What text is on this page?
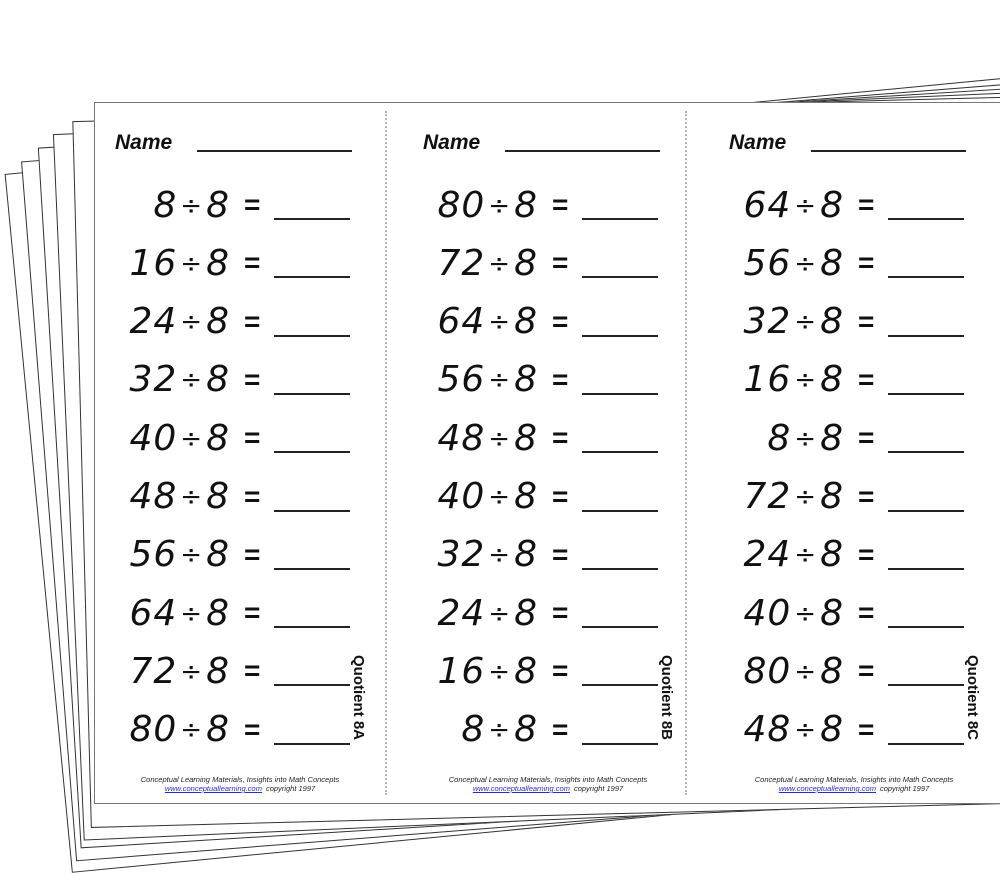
Name
8 ÷8 =
16 ÷8 =
24 ÷8 =
32 ÷8 =
40 ÷8 =
48 ÷8 =
56 ÷8 =
64 ÷8 =
72 ÷8 =
80 ÷8 =
Conceptual Learning Materials, Insights into Math Concepts
www.conceptuallearning.com copyright 1997
Quotient 8A
Name
80 ÷8 =
72 ÷8 =
64 ÷8 =
56 ÷8 =
48 ÷8 =
40 ÷8 =
32 ÷8 =
24 ÷8 =
16 ÷8 =
8 ÷8 =
Conceptual Learning Materials, Insights into Math Concepts
www.conceptuallearning.com copyright 1997
Quotient 8B
Name
64 ÷8 =
56 ÷8 =
32 ÷8 =
16 ÷8 =
8 ÷8 =
72 ÷8 =
24 ÷8 =
40 ÷8 =
80 ÷8 =
48 ÷8 =
Conceptual Learning Materials, Insights into Math Concepts
www.conceptuallearning.com copyright 1997
Quotient 8C
